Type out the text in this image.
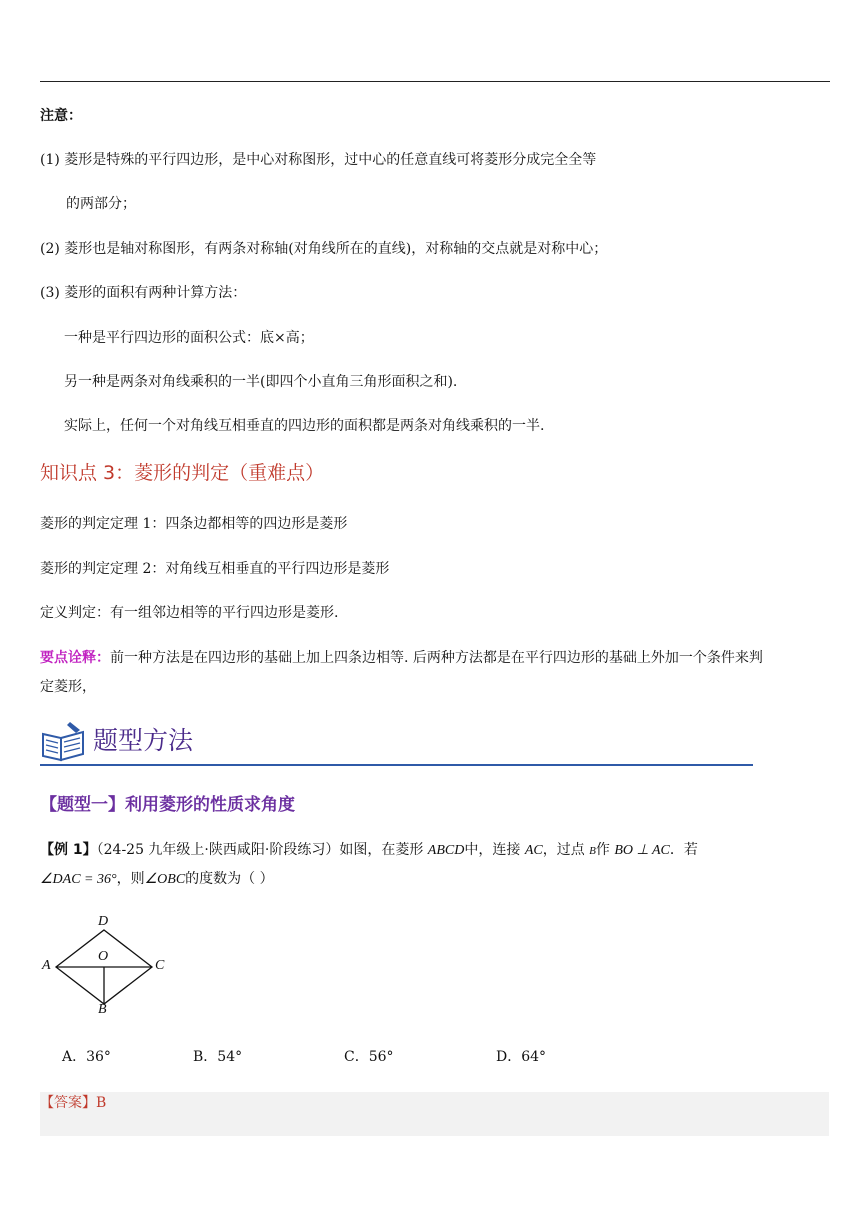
注意：
(1) 菱形是特殊的平行四边形，是中心对称图形，过中心的任意直线可将菱形分成完全全等
的两部分；
(2) 菱形也是轴对称图形，有两条对称轴(对角线所在的直线)，对称轴的交点就是对称中心；
(3) 菱形的面积有两种计算方法：
一种是平行四边形的面积公式：底×高；
另一种是两条对角线乘积的一半(即四个小直角三角形面积之和).
实际上，任何一个对角线互相垂直的四边形的面积都是两条对角线乘积的一半.
知识点 3：菱形的判定（重难点）
菱形的判定定理 1：四条边都相等的四边形是菱形
菱形的判定定理 2：对角线互相垂直的平行四边形是菱形
定义判定：有一组邻边相等的平行四边形是菱形.
要点诠释：前一种方法是在四边形的基础上加上四条边相等. 后两种方法都是在平行四边形的基础上外加一个条件来判
定菱形，
题型方法
【题型一】利用菱形的性质求角度
【例 1】（24-25 九年级上·陕西咸阳·阶段练习）如图，在菱形 ABCD中，连接 AC，过点 B作 BO ⊥ AC．若
∠DAC = 36°，则∠OBC的度数为（ ）
D
A
O
C
B
A．36°	B．54°	C．56°	D．64°
【答案】B
